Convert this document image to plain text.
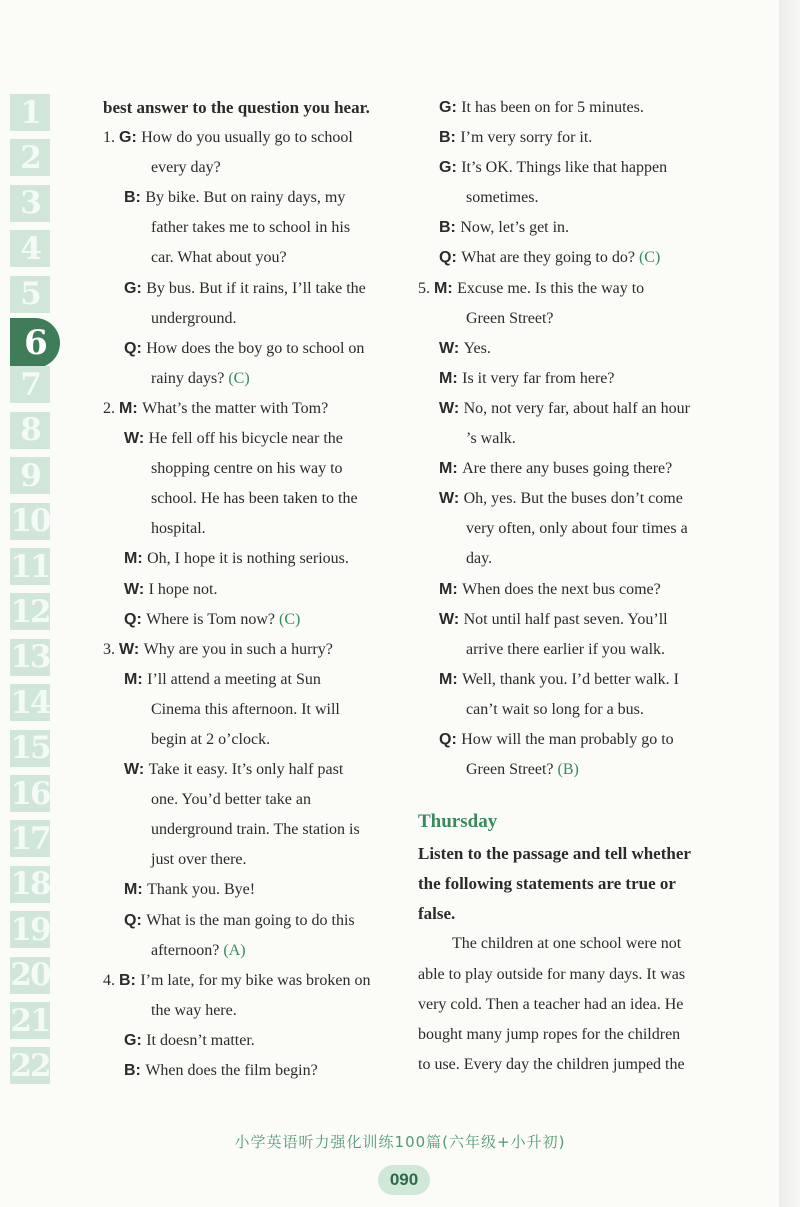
1
2
3
4
5
6
7
8
9
10
11
12
13
14
15
16
17
18
19
20
21
22
best answer to the question you hear.
1. G: How do you usually go to school
every day?
B: By bike. But on rainy days, my
father takes me to school in his
car. What about you?
G: By bus. But if it rains, I’ll take the
underground.
Q: How does the boy go to school on
rainy days? (C)
2. M: What’s the matter with Tom?
W: He fell off his bicycle near the
shopping centre on his way to
school. He has been taken to the
hospital.
M: Oh, I hope it is nothing serious.
W: I hope not.
Q: Where is Tom now? (C)
3. W: Why are you in such a hurry?
M: I’ll attend a meeting at Sun
Cinema this afternoon. It will
begin at 2 o’clock.
W: Take it easy. It’s only half past
one. You’d better take an
underground train. The station is
just over there.
M: Thank you. Bye!
Q: What is the man going to do this
afternoon? (A)
4. B: I’m late, for my bike was broken on
the way here.
G: It doesn’t matter.
B: When does the film begin?
G: It has been on for 5 minutes.
B: I’m very sorry for it.
G: It’s OK. Things like that happen
sometimes.
B: Now, let’s get in.
Q: What are they going to do? (C)
5. M: Excuse me. Is this the way to
Green Street?
W: Yes.
M: Is it very far from here?
W: No, not very far, about half an hour
’s walk.
M: Are there any buses going there?
W: Oh, yes. But the buses don’t come
very often, only about four times a
day.
M: When does the next bus come?
W: Not until half past seven. You’ll
arrive there earlier if you walk.
M: Well, thank you. I’d better walk. I
can’t wait so long for a bus.
Q: How will the man probably go to
Green Street? (B)
Thursday
Listen to the passage and tell whether
the following statements are true or
false.
The children at one school were not
able to play outside for many days. It was
very cold. Then a teacher had an idea. He
bought many jump ropes for the children
to use. Every day the children jumped the
小学英语听力强化训练100篇(六年级+小升初)
090
